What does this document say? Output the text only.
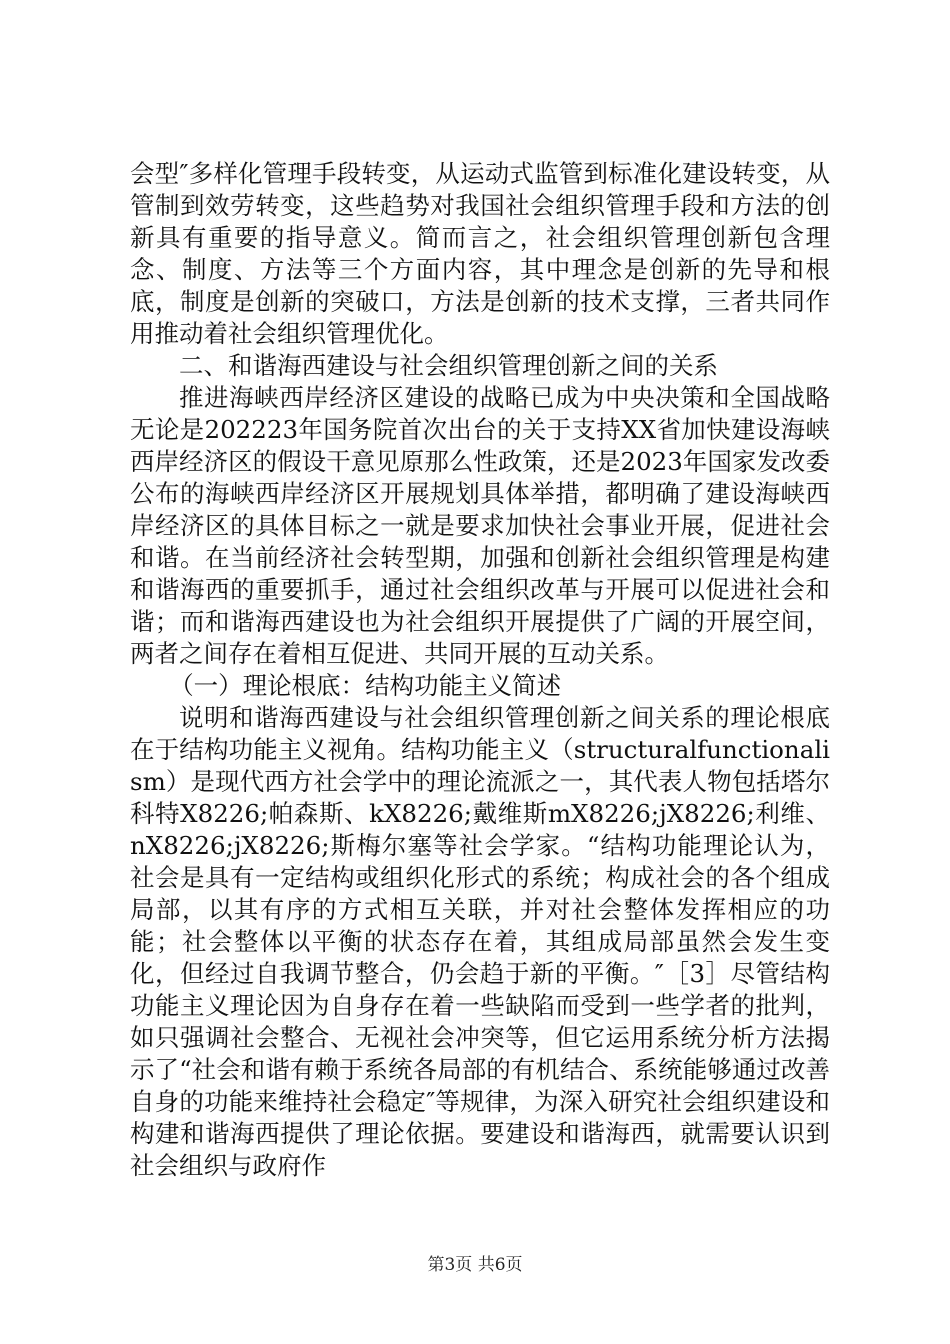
会型″多样化管理手段转变，从运动式监管到标准化建设转变，从管制到效劳转变，这些趋势对我国社会组织管理手段和方法的创新具有重要的指导意义。简而言之，社会组织管理创新包含理念、制度、方法等三个方面内容，其中理念是创新的先导和根底，制度是创新的突破口，方法是创新的技术支撑，三者共同作用推动着社会组织管理优化。

二、和谐海西建设与社会组织管理创新之间的关系

推进海峡西岸经济区建设的战略已成为中央决策和全国战略无论是202223年国务院首次出台的关于支持XX省加快建设海峡西岸经济区的假设干意见原那么性政策，还是2023年国家发改委公布的海峡西岸经济区开展规划具体举措，都明确了建设海峡西岸经济区的具体目标之一就是要求加快社会事业开展，促进社会和谐。在当前经济社会转型期，加强和创新社会组织管理是构建和谐海西的重要抓手，通过社会组织改革与开展可以促进社会和谐；而和谐海西建设也为社会组织开展提供了广阔的开展空间，两者之间存在着相互促进、共同开展的互动关系。

（一）理论根底：结构功能主义简述

说明和谐海西建设与社会组织管理创新之间关系的理论根底在于结构功能主义视角。结构功能主义（structuralfunctionalism）是现代西方社会学中的理论流派之一，其代表人物包括塔尔科特X8226;帕森斯、kX8226;戴维斯mX8226;jX8226;利维、nX8226;jX8226;斯梅尔塞等社会学家。“结构功能理论认为，社会是具有一定结构或组织化形式的系统；构成社会的各个组成局部，以其有序的方式相互关联，并对社会整体发挥相应的功能；社会整体以平衡的状态存在着，其组成局部虽然会发生变化，但经过自我调节整合，仍会趋于新的平衡。″［3］尽管结构功能主义理论因为自身存在着一些缺陷而受到一些学者的批判，如只强调社会整合、无视社会冲突等，但它运用系统分析方法揭示了“社会和谐有赖于系统各局部的有机结合、系统能够通过改善自身的功能来维持社会稳定″等规律，为深入研究社会组织建设和构建和谐海西提供了理论依据。要建设和谐海西，就需要认识到社会组织与政府作

第3页 共6页
